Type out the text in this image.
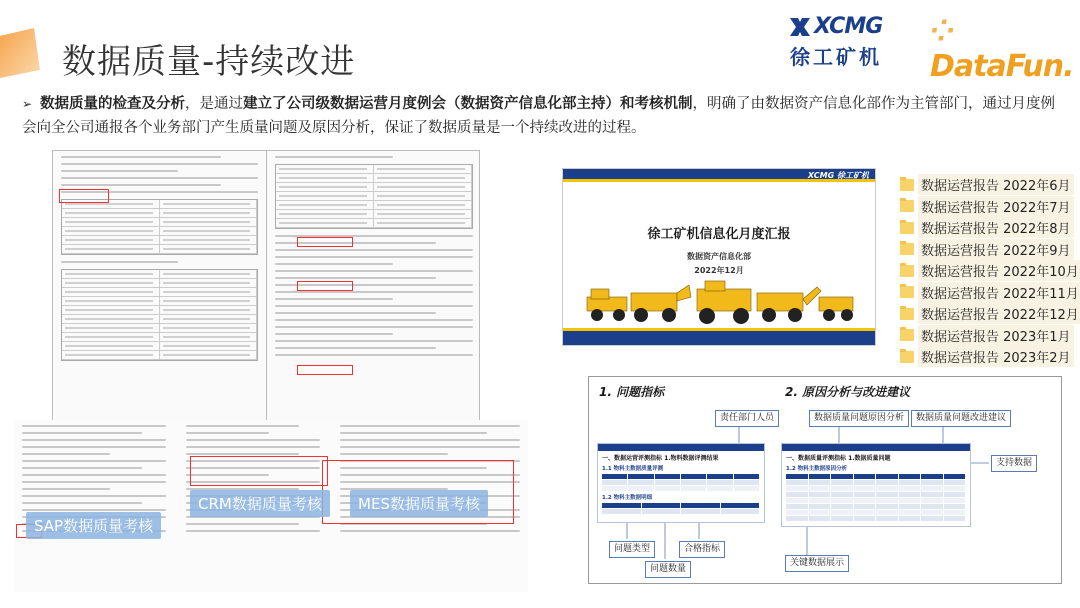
数据质量-持续改进
XCMG
徐工矿机
⁘DataFun.
➢ 数据质量的检查及分析，是通过建立了公司级数据运营月度例会（数据资产信息化部主持）和考核机制，明确了由数据资产信息化部作为主管部门，通过月度例会向全公司通报各个业务部门产生质量问题及原因分析，保证了数据质量是一个持续改进的过程。
CRM数据质量考核	MES数据质量考核
SAP数据质量考核
XCMG 徐工矿机
徐工矿机信息化月度汇报
数据资产信息化部
2022年12月
数据运营报告 2022年6月
数据运营报告 2022年7月
数据运营报告 2022年8月
数据运营报告 2022年9月
数据运营报告 2022年10月
数据运营报告 2022年11月
数据运营报告 2022年12月
数据运营报告 2023年1月
数据运营报告 2023年2月
1. 问题指标	2. 原因分析与改进建议
责任部门人员	数据质量问题原因分析	数据质量问题改进建议
支持数据
问题类型	合格指标
问题数量
关键数据展示
一、数据运营评测指标 1.物料数据评测结果
1.1 物料主数据质量评测
1.2 物料主数据明细
一、数据质量评测指标 1.数据质量问题
1.2 物料主数据原因分析
